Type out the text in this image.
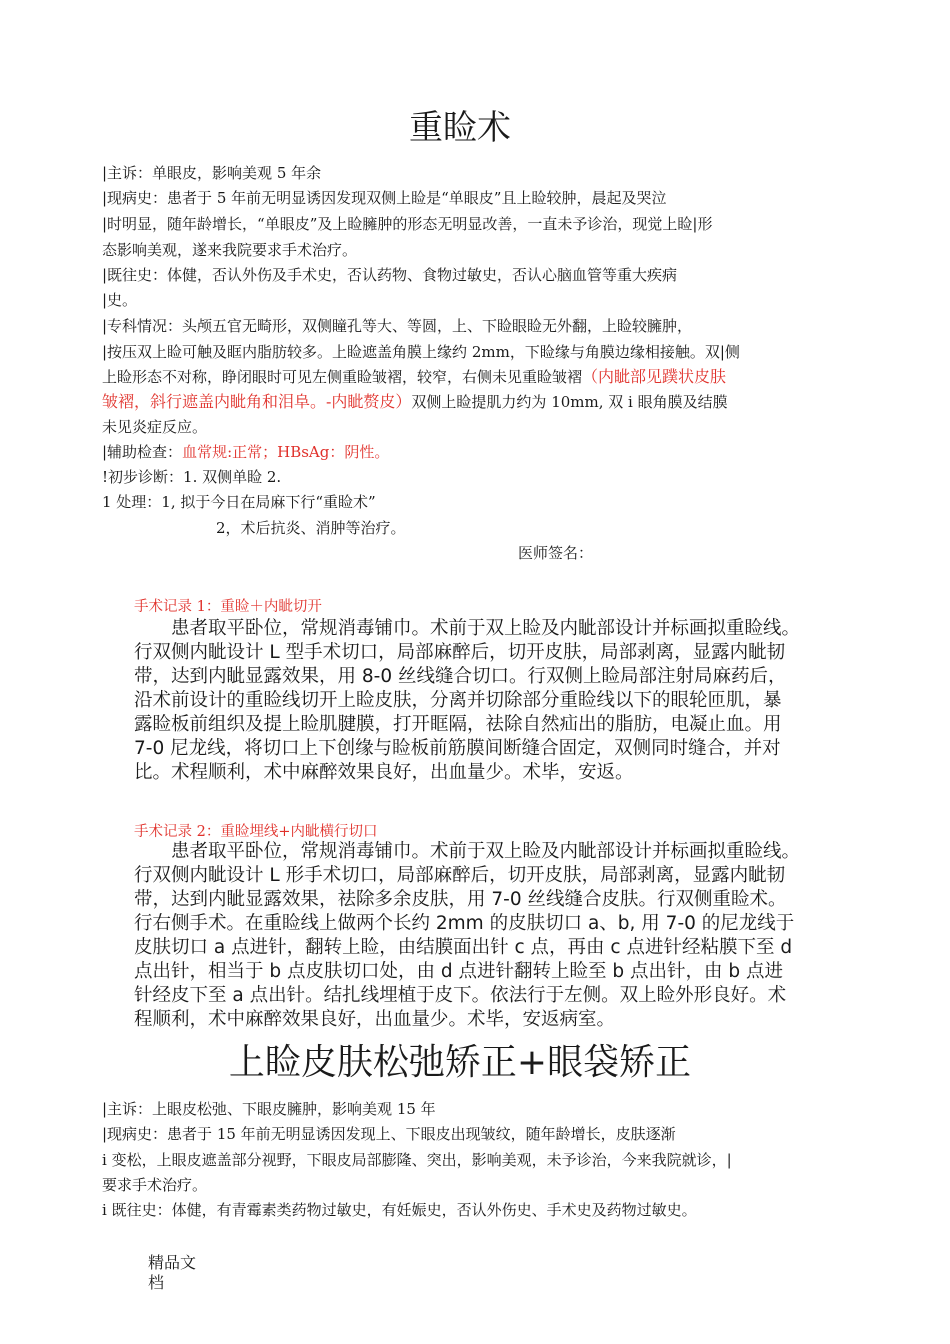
重睑术
|主诉：单眼皮，影响美观 5 年余
|现病史：患者于 5 年前无明显诱因发现双侧上睑是“单眼皮”且上睑较肿，晨起及哭泣
|时明显，随年龄增长，“单眼皮”及上睑臃肿的形态无明显改善，一直未予诊治，现觉上睑|形
态影响美观，遂来我院要求手术治疗。
|既往史：体健，否认外伤及手术史，否认药物、食物过敏史，否认心脑血管等重大疾病
|史。
|专科情况：头颅五官无畸形，双侧瞳孔等大、等圆，上、下睑眼睑无外翻，上睑较臃肿，
|按压双上睑可触及眶内脂肪较多。上睑遮盖角膜上缘约 2mm，下睑缘与角膜边缘相接触。双|侧
上睑形态不对称，睁闭眼时可见左侧重睑皱褶，较窄，右侧未见重睑皱褶（内眦部见蹼状皮肤
皱褶，斜行遮盖内眦角和泪阜。-内眦赘皮）双侧上睑提肌力约为 10mm, 双 i 眼角膜及结膜
未见炎症反应。
|辅助检查：血常规:正常；HBsAg：阴性。
!初步诊断：1. 双侧单睑 2.
1 处理：1, 拟于今日在局麻下行“重睑术”
2，术后抗炎、消肿等治疗。
医师签名：
手术记录 1：重睑＋内眦切开
　　患者取平卧位，常规消毒铺巾。术前于双上睑及内眦部设计并标画拟重睑线。
行双侧内眦设计 L 型手术切口，局部麻醉后，切开皮肤，局部剥离，显露内眦韧
带，达到内眦显露效果，用 8-0 丝线缝合切口。行双侧上睑局部注射局麻药后，
沿术前设计的重睑线切开上睑皮肤，分离并切除部分重睑线以下的眼轮匝肌，暴
露睑板前组织及提上睑肌腱膜，打开眶隔，祛除自然疝出的脂肪，电凝止血。用
7-0 尼龙线，将切口上下创缘与睑板前筋膜间断缝合固定，双侧同时缝合，并对
比。术程顺利，术中麻醉效果良好，出血量少。术毕，安返。
手术记录 2：重睑埋线+内眦横行切口
　　患者取平卧位，常规消毒铺巾。术前于双上睑及内眦部设计并标画拟重睑线。
行双侧内眦设计 L 形手术切口，局部麻醉后，切开皮肤，局部剥离，显露内眦韧
带，达到内眦显露效果，祛除多余皮肤，用 7-0 丝线缝合皮肤。行双侧重睑术。
行右侧手术。在重睑线上做两个长约 2mm 的皮肤切口 a、b, 用 7-0 的尼龙线于
皮肤切口 a 点进针，翻转上睑，由结膜面出针 c 点，再由 c 点进针经粘膜下至 d
点出针，相当于 b 点皮肤切口处，由 d 点进针翻转上睑至 b 点出针，由 b 点进
针经皮下至 a 点出针。结扎线埋植于皮下。依法行于左侧。双上睑外形良好。术
程顺利，术中麻醉效果良好，出血量少。术毕，安返病室。
上睑皮肤松弛矫正+眼袋矫正
|主诉：上眼皮松弛、下眼皮臃肿，影响美观 15 年
|现病史：患者于 15 年前无明显诱因发现上、下眼皮出现皱纹，随年龄增长，皮肤逐渐
i 变松，上眼皮遮盖部分视野，下眼皮局部膨隆、突出，影响美观，未予诊治，今来我院就诊，|
要求手术治疗。
i 既往史：体健，有青霉素类药物过敏史，有妊娠史，否认外伤史、手术史及药物过敏史。
精品文
档
